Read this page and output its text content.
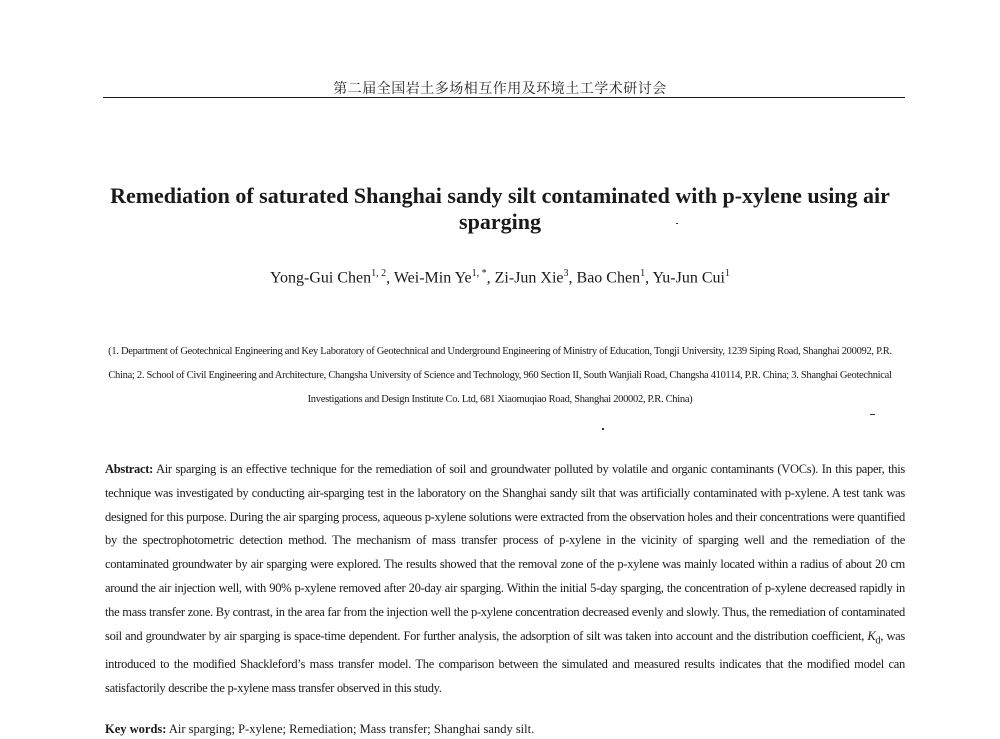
第二届全国岩土多场相互作用及环境土工学术研讨会
Remediation of saturated Shanghai sandy silt contaminated with p-xylene using air sparging
Yong-Gui Chen$^{1, 2}$, Wei-Min $Ye^{1, *}$, Zi-Jun Xie$^3$, Bao Chen$^1$, Yu-Jun Cui$^1$
(1. Department of Geotechnical Engineering and Key Laboratory of Geotechnical and Underground Engineering of Ministry of Education, Tongji University, 1239 Siping Road, Shanghai 200092, P.R. China; 2. School of Civil Engineering and Architecture, Changsha University of Science and Technology, 960 Section II, South Wanjiali Road, Changsha 410114, P.R. China; 3. Shanghai Geotechnical Investigations and Design Institute Co. Ltd, 681 Xiaomuqiao Road, Shanghai 200002, P.R. China)
Abstract: Air sparging is an effective technique for the remediation of soil and groundwater polluted by volatile and organic contaminants (VOCs). In this paper, this technique was investigated by conducting air-sparging test in the laboratory on the Shanghai sandy silt that was artificially contaminated with p-xylene. A test tank was designed for this purpose. During the air sparging process, aqueous p-xylene solutions were extracted from the observation holes and their concentrations were quantified by the spectrophotometric detection method. The mechanism of mass transfer process of p-xylene in the vicinity of sparging well and the remediation of the contaminated groundwater by air sparging were explored. The results showed that the removal zone of the p-xylene was mainly located within a radius of about 20 cm around the air injection well, with 90% p-xylene removed after 20-day air sparging. Within the initial 5-day sparging, the concentration of p-xylene decreased rapidly in the mass transfer zone. By contrast, in the area far from the injection well the p-xylene concentration decreased evenly and slowly. Thus, the remediation of contaminated soil and groundwater by air sparging is space-time dependent. For further analysis, the adsorption of silt was taken into account and the distribution coefficient, $K_d$, was introduced to the modified Shackleford’s mass transfer model. The comparison between the simulated and measured results indicates that the modified model can satisfactorily describe the p-xylene mass transfer observed in this study.
Key words: Air sparging; P-xylene; Remediation; Mass transfer; Shanghai sandy silt.
